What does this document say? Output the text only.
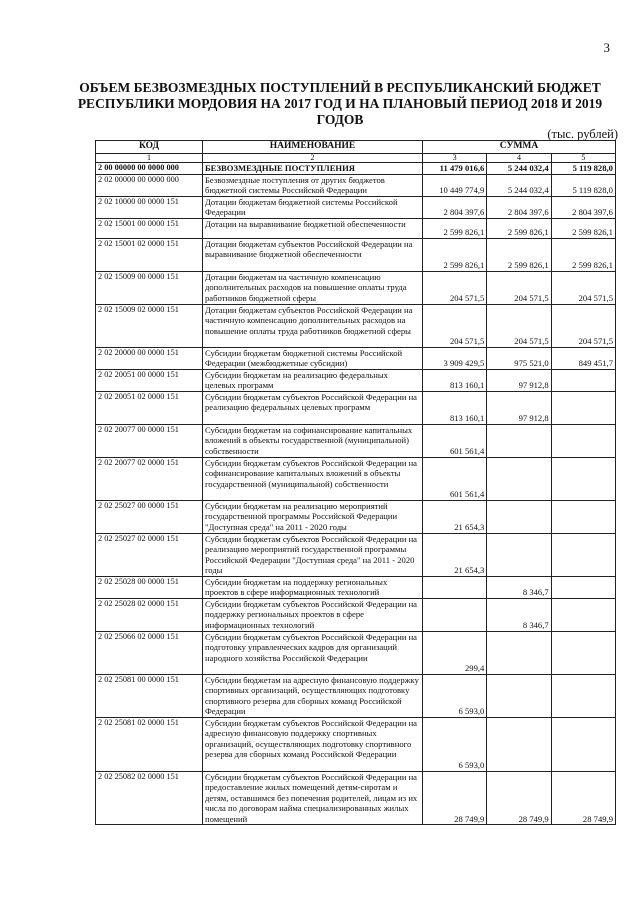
3
ОБЪЕМ БЕЗВОЗМЕЗДНЫХ ПОСТУПЛЕНИЙ В РЕСПУБЛИКАНСКИЙ БЮДЖЕТ РЕСПУБЛИКИ МОРДОВИЯ НА 2017 ГОД И НА ПЛАНОВЫЙ ПЕРИОД 2018 И 2019 ГОДОВ
(тыс. рублей)
КОД	НАИМЕНОВАНИЕ	СУММА		
1	2	3	4	5
2 00 00000 00 0000 000	БЕЗВОЗМЕЗДНЫЕ ПОСТУПЛЕНИЯ	11 479 016,6	5 244 032,4	5 119 828,0
2 02 00000 00 0000 000	Безвозмездные поступления от других бюджетов бюджетной системы Российской Федерации	10 449 774,9	5 244 032,4	5 119 828,0
2 02 10000 00 0000 151	Дотации бюджетам бюджетной системы Российской Федерации	2 804 397,6	2 804 397,6	2 804 397,6
2 02 15001 00 0000 151	Дотации на выравнивание бюджетной обеспеченности	2 599 826,1	2 599 826,1	2 599 826,1
2 02 15001 02 0000 151	Дотации бюджетам субъектов Российской Федерации на выравнивание бюджетной обеспеченности	2 599 826,1	2 599 826,1	2 599 826,1
2 02 15009 00 0000 151	Дотации бюджетам на частичную компенсацию дополнительных расходов на повышение оплаты труда работников бюджетной сферы	204 571,5	204 571,5	204 571,5
2 02 15009 02 0000 151	Дотации бюджетам субъектов Российской Федерации на частичную компенсацию дополнительных расходов на повышение оплаты труда работников бюджетной сферы	204 571,5	204 571,5	204 571,5
2 02 20000 00 0000 151	Субсидии бюджетам бюджетной системы Российской Федерации (межбюджетные субсидии)	3 909 429,5	975 521,0	849 451,7
2 02 20051 00 0000 151	Субсидии бюджетам на реализацию федеральных целевых программ	813 160,1	97 912,8	
2 02 20051 02 0000 151	Субсидии бюджетам субъектов Российской Федерации на реализацию федеральных целевых программ	813 160,1	97 912,8	
2 02 20077 00 0000 151	Субсидии бюджетам на софинансирование капитальных вложений в объекты государственной (муниципальной) собственности	601 561,4		
2 02 20077 02 0000 151	Субсидии бюджетам субъектов Российской Федерации на софинансирование капитальных вложений в объекты государственной (муниципальной) собственности	601 561,4		
2 02 25027 00 0000 151	Субсидии бюджетам на реализацию мероприятий государственной программы Российской Федерации "Доступная среда" на 2011 - 2020 годы	21 654,3		
2 02 25027 02 0000 151	Субсидии бюджетам субъектов Российской Федерации на реализацию мероприятий государственной программы Российской Федерации "Доступная среда" на 2011 - 2020 годы	21 654,3		
2 02 25028 00 0000 151	Субсидии бюджетам на поддержку региональных проектов в сфере информационных технологий		8 346,7	
2 02 25028 02 0000 151	Субсидии бюджетам субъектов Российской Федерации на поддержку региональных проектов в сфере информационных технологий		8 346,7	
2 02 25066 02 0000 151	Субсидии бюджетам субъектов Российской Федерации на подготовку управленческих кадров для организаций народного хозяйства Российской Федерации	299,4		
2 02 25081 00 0000 151	Субсидии бюджетам на адресную финансовую поддержку спортивных организаций, осуществляющих подготовку спортивного резерва для сборных команд Российской Федерации	6 593,0		
2 02 25081 02 0000 151	Субсидии бюджетам субъектов Российской Федерации на адресную финансовую поддержку спортивных организаций, осуществляющих подготовку спортивного резерва для сборных команд Российской Федерации	6 593,0		
2 02 25082 02 0000 151	Субсидии бюджетам субъектов Российской Федерации на предоставление жилых помещений детям-сиротам и детям, оставшимся без попечения родителей, лицам из их числа по договорам найма специализированных жилых помещений	28 749,9	28 749,9	28 749,9
